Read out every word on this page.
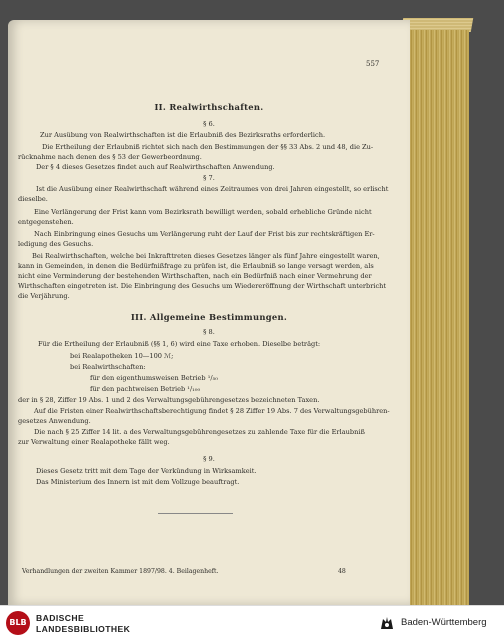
557
II. Realwirthschaften.
§ 6.
Zur Ausübung von Realwirthschaften ist die Erlaubniß des Bezirksraths erforderlich.
Die Ertheilung der Erlaubniß richtet sich nach den Bestimmungen der §§ 33 Abs. 2 und 48, die Zu-
rücknahme nach denen des § 53 der Gewerbeordnung.
Der § 4 dieses Gesetzes findet auch auf Realwirthschaften Anwendung.
§ 7.
Ist die Ausübung einer Realwirthschaft während eines Zeitraumes von drei Jahren eingestellt, so erlischt
dieselbe.
Eine Verlängerung der Frist kann vom Bezirksrath bewilligt werden, sobald erhebliche Gründe nicht
entgegenstehen.
Nach Einbringung eines Gesuchs um Verlängerung ruht der Lauf der Frist bis zur rechtskräftigen Er-
ledigung des Gesuchs.
Bei Realwirthschaften, welche bei Inkrafttreten dieses Gesetzes länger als fünf Jahre eingestellt waren,
kann in Gemeinden, in denen die Bedürfnißfrage zu prüfen ist, die Erlaubniß so lange versagt werden, als
nicht eine Verminderung der bestehenden Wirthschaften, nach ein Bedürfniß nach einer Vermehrung der
Wirthschaften eingetreten ist. Die Einbringung des Gesuchs um Wiedereröffnung der Wirthschaft unterbricht
die Verjährung.
III. Allgemeine Bestimmungen.
§ 8.
Für die Ertheilung der Erlaubniß (§§ 1, 6) wird eine Taxe erhoben. Dieselbe beträgt:
bei Realapotheken 10—100 ℳ;
bei Realwirthschaften:
für den eigenthumsweisen Betrieb ¹/₅₀
für den pachtweisen Betrieb ¹/₁₀₀
der in § 28, Ziffer 19 Abs. 1 und 2 des Verwaltungsgebührengesetzes bezeichneten Taxen.
Auf die Fristen einer Realwirthschaftsberechtigung findet § 28 Ziffer 19 Abs. 7 des Verwaltungsgebühren-
gesetzes Anwendung.
Die nach § 25 Ziffer 14 lit. a des Verwaltungsgebührengesetzes zu zahlende Taxe für die Erlaubniß
zur Verwaltung einer Realapotheke fällt weg.
§ 9.
Dieses Gesetz tritt mit dem Tage der Verkündung in Wirksamkeit.
Das Ministerium des Innern ist mit dem Vollzuge beauftragt.
Verhandlungen der zweiten Kammer 1897/98. 4. Beilagenheft.	48
BLB	BADISCHE
LANDESBIBLIOTHEK
Baden-Württemberg
